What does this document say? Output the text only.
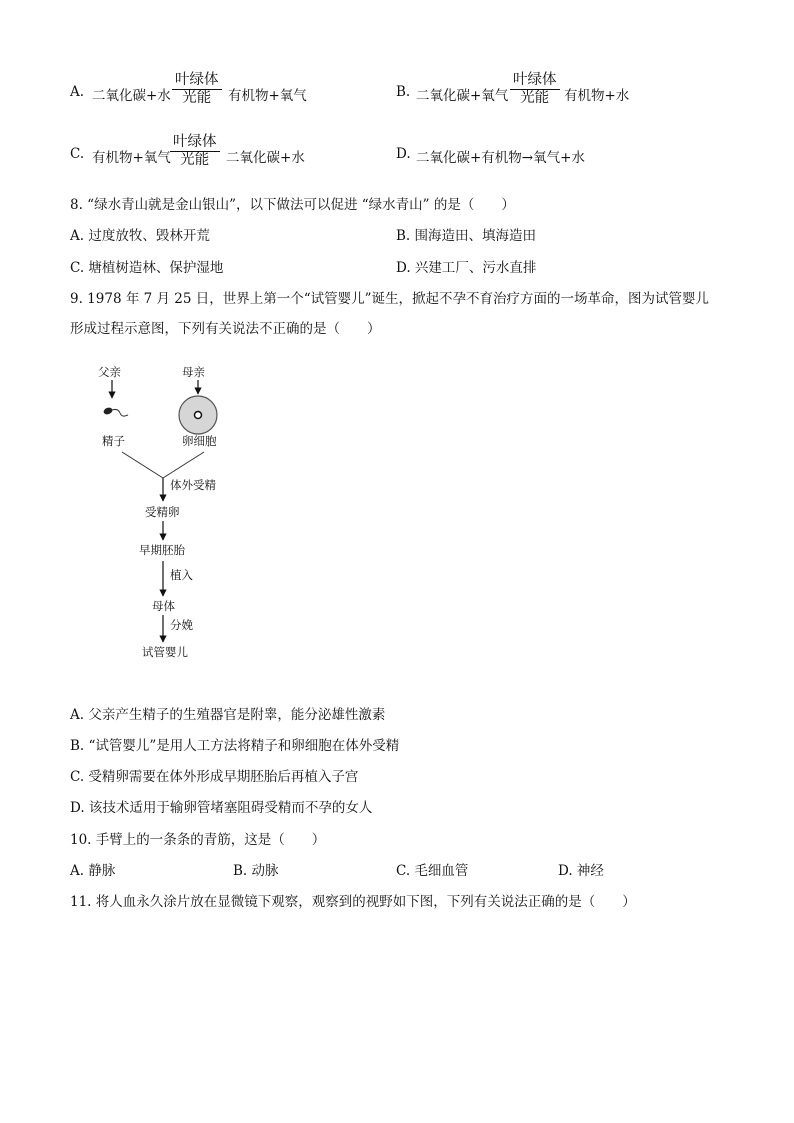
A. 二氧化碳+水
叶绿体
光能	有机物+氧气	B. 二氧化碳+氧气
叶绿体
光能	有机物+水
C. 有机物+氧气
叶绿体
光能	二氧化碳+水	D. 二氧化碳+有机物→氧气+水
8. “绿水青山就是金山银山”，以下做法可以促进 “绿水青山” 的是（　　）
A. 过度放牧、毁林开荒	B. 围海造田、填海造田
C. 塘植树造林、保护湿地	D. 兴建工厂、污水直排
9. 1978 年 7 月 25 日，世界上第一个“试管婴儿”诞生，掀起不孕不育治疗方面的一场革命，图为试管婴儿
形成过程示意图，下列有关说法不正确的是（　　）
父亲	母亲
精子	卵细胞
体外受精
受精卵
早期胚胎
植入
母体
分娩
试管婴儿
A. 父亲产生精子的生殖器官是附睾，能分泌雄性激素
B. “试管婴儿”是用人工方法将精子和卵细胞在体外受精
C. 受精卵需要在体外形成早期胚胎后再植入子宫
D. 该技术适用于输卵管堵塞阻碍受精而不孕的女人
10. 手臂上的一条条的青筋，这是（　　）
A. 静脉	B. 动脉	C. 毛细血管	D. 神经
11. 将人血永久涂片放在显微镜下观察，观察到的视野如下图，下列有关说法正确的是（　　）
